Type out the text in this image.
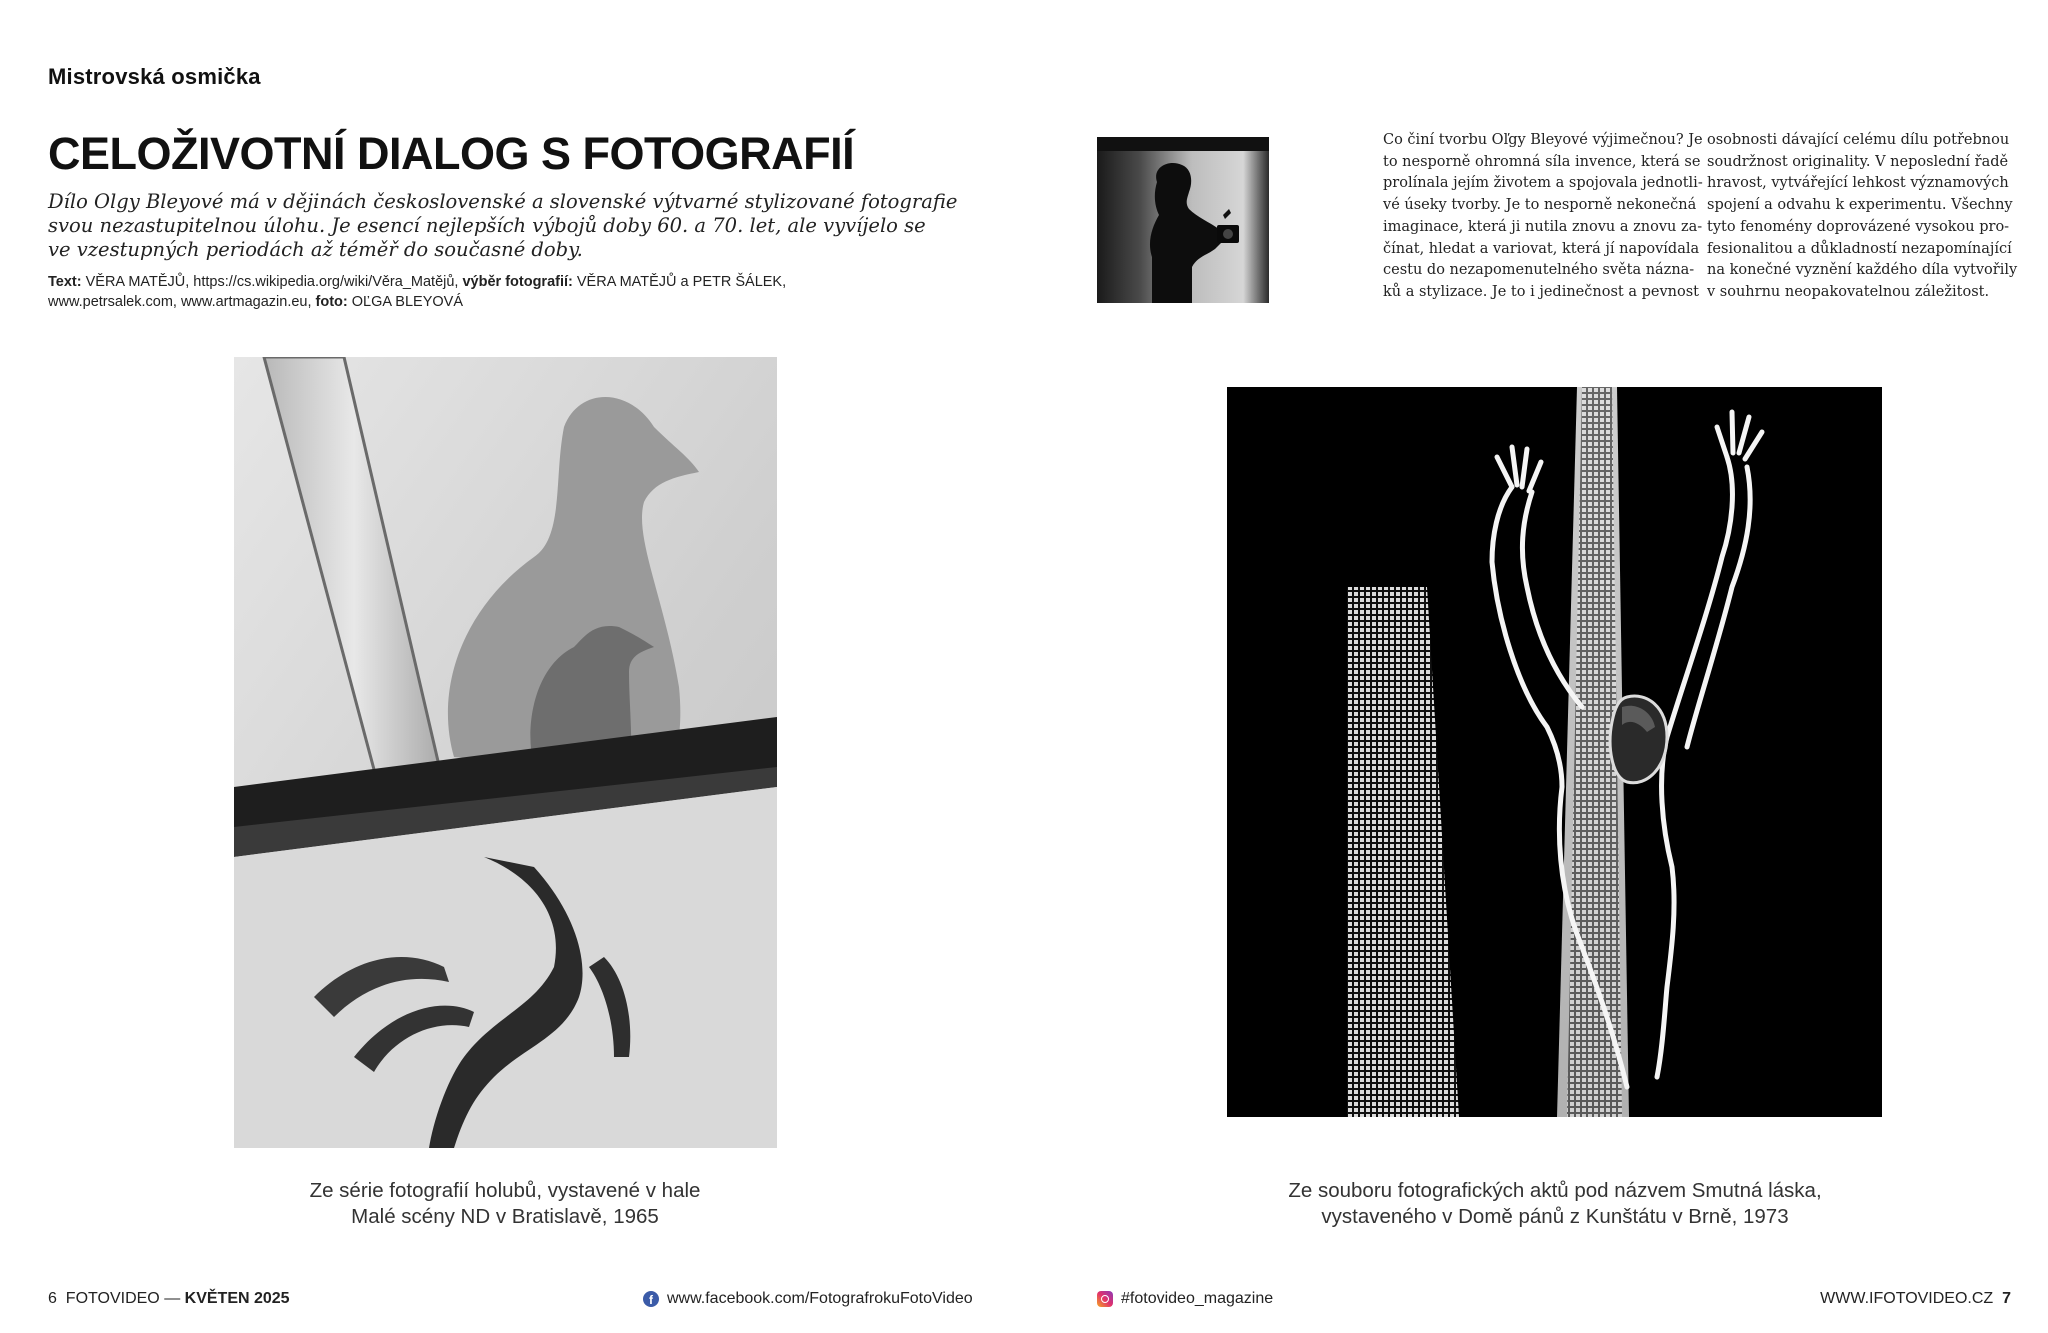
Mistrovská osmička
CELOŽIVOTNÍ DIALOG S FOTOGRAFIÍ
Dílo Olgy Bleyové má v dějinách československé a slovenské výtvarné stylizované fotografie
svou nezastupitelnou úlohu. Je esencí nejlepších výbojů doby 60. a 70. let, ale vyvíjelo se
ve vzestupných periodách až téměř do současné doby.
Text: VĚRA MATĚJŮ, https://cs.wikipedia.org/wiki/Věra_Matějů, výběr fotografií: VĚRA MATĚJŮ a PETR ŠÁLEK,
www.petrsalek.com, www.artmagazin.eu, foto: OĽGA BLEYOVÁ
Ze série fotografií holubů, vystavené v hale
Malé scény ND v Bratislavě, 1965
Co činí tvorbu Oľgy Bleyové výjimečnou? Je
to nesporně ohromná síla invence, která se
prolínala jejím životem a spojovala jednotli-
vé úseky tvorby. Je to nesporně nekonečná
imaginace, která ji nutila znovu a znovu za-
čínat, hledat a variovat, která jí napovídala
cestu do nezapomenutelného světa názna-
ků a stylizace. Je to i jedinečnost a pevnost
osobnosti dávající celému dílu potřebnou
soudržnost originality. V neposlední řadě
hravost, vytvářející lehkost významových
spojení a odvahu k experimentu. Všechny
tyto fenomény doprovázené vysokou pro-
fesionalitou a důkladností nezapomínající
na konečné vyznění každého díla vytvořily
v souhrnu neopakovatelnou záležitost.
Ze souboru fotografických aktů pod názvem Smutná láska,
vystaveného v Domě pánů z Kunštátu v Brně, 1973
6 FOTOVIDEO — KVĚTEN 2025	f www.facebook.com/FotografrokuFotoVideo	#fotovideo_magazine	WWW.IFOTOVIDEO.CZ 7
